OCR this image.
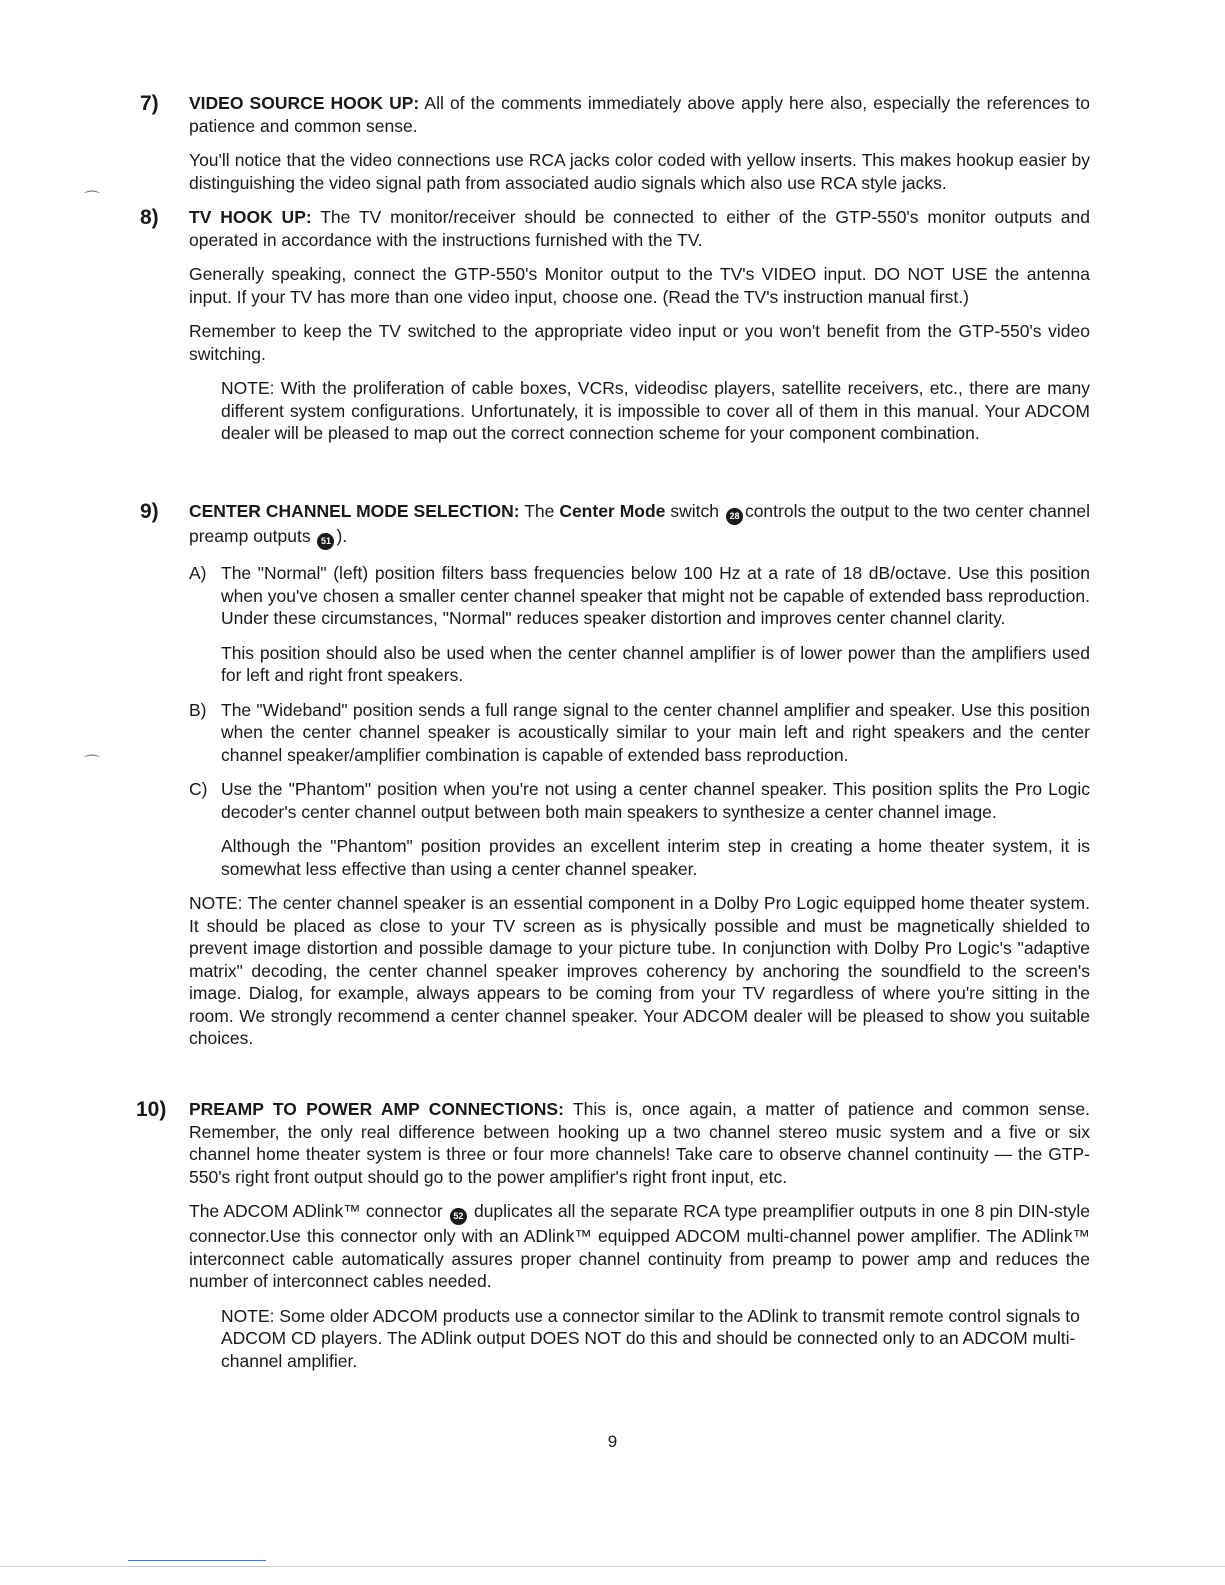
7) VIDEO SOURCE HOOK UP: All of the comments immediately above apply here also, especially the references to patience and common sense.

You'll notice that the video connections use RCA jacks color coded with yellow inserts. This makes hookup easier by distinguishing the video signal path from associated audio signals which also use RCA style jacks.

8) TV HOOK UP: The TV monitor/receiver should be connected to either of the GTP-550's monitor outputs and operated in accordance with the instructions furnished with the TV.

Generally speaking, connect the GTP-550's Monitor output to the TV's VIDEO input. DO NOT USE the antenna input. If your TV has more than one video input, choose one. (Read the TV's instruction manual first.)

Remember to keep the TV switched to the appropriate video input or you won't benefit from the GTP-550's video switching.

NOTE: With the proliferation of cable boxes, VCRs, videodisc players, satellite receivers, etc., there are many different system configurations. Unfortunately, it is impossible to cover all of them in this manual. Your ADCOM dealer will be pleased to map out the correct connection scheme for your component combination.

9) CENTER CHANNEL MODE SELECTION: The Center Mode switch 28 controls the output to the two center channel preamp outputs 51 ).

A) The "Normal" (left) position filters bass frequencies below 100 Hz at a rate of 18 dB/octave. Use this position when you've chosen a smaller center channel speaker that might not be capable of extended bass reproduction. Under these circumstances, "Normal" reduces speaker distortion and improves center channel clarity.

This position should also be used when the center channel amplifier is of lower power than the amplifiers used for left and right front speakers.

B) The "Wideband" position sends a full range signal to the center channel amplifier and speaker. Use this position when the center channel speaker is acoustically similar to your main left and right speakers and the center channel speaker/amplifier combination is capable of extended bass reproduction.

C) Use the "Phantom" position when you're not using a center channel speaker. This position splits the Pro Logic decoder's center channel output between both main speakers to synthesize a center channel image.

Although the "Phantom" position provides an excellent interim step in creating a home theater system, it is somewhat less effective than using a center channel speaker.

NOTE: The center channel speaker is an essential component in a Dolby Pro Logic equipped home theater system. It should be placed as close to your TV screen as is physically possible and must be magnetically shielded to prevent image distortion and possible damage to your picture tube. In conjunction with Dolby Pro Logic's "adaptive matrix" decoding, the center channel speaker improves coherency by anchoring the soundfield to the screen's image. Dialog, for example, always appears to be coming from your TV regardless of where you're sitting in the room. We strongly recommend a center channel speaker. Your ADCOM dealer will be pleased to show you suitable choices.

10) PREAMP TO POWER AMP CONNECTIONS: This is, once again, a matter of patience and common sense. Remember, the only real difference between hooking up a two channel stereo music system and a five or six channel home theater system is three or four more channels! Take care to observe channel continuity — the GTP-550's right front output should go to the power amplifier's right front input, etc.

The ADCOM ADlink™ connector 52 duplicates all the separate RCA type preamplifier outputs in one 8 pin DIN-style connector.Use this connector only with an ADlink™ equipped ADCOM multi-channel power amplifier. The ADlink™ interconnect cable automatically assures proper channel continuity from preamp to power amp and reduces the number of interconnect cables needed.

NOTE: Some older ADCOM products use a connector similar to the ADlink to transmit remote control signals to ADCOM CD players. The ADlink output DOES NOT do this and should be connected only to an ADCOM multi-channel amplifier.

9
⌒
⌒
